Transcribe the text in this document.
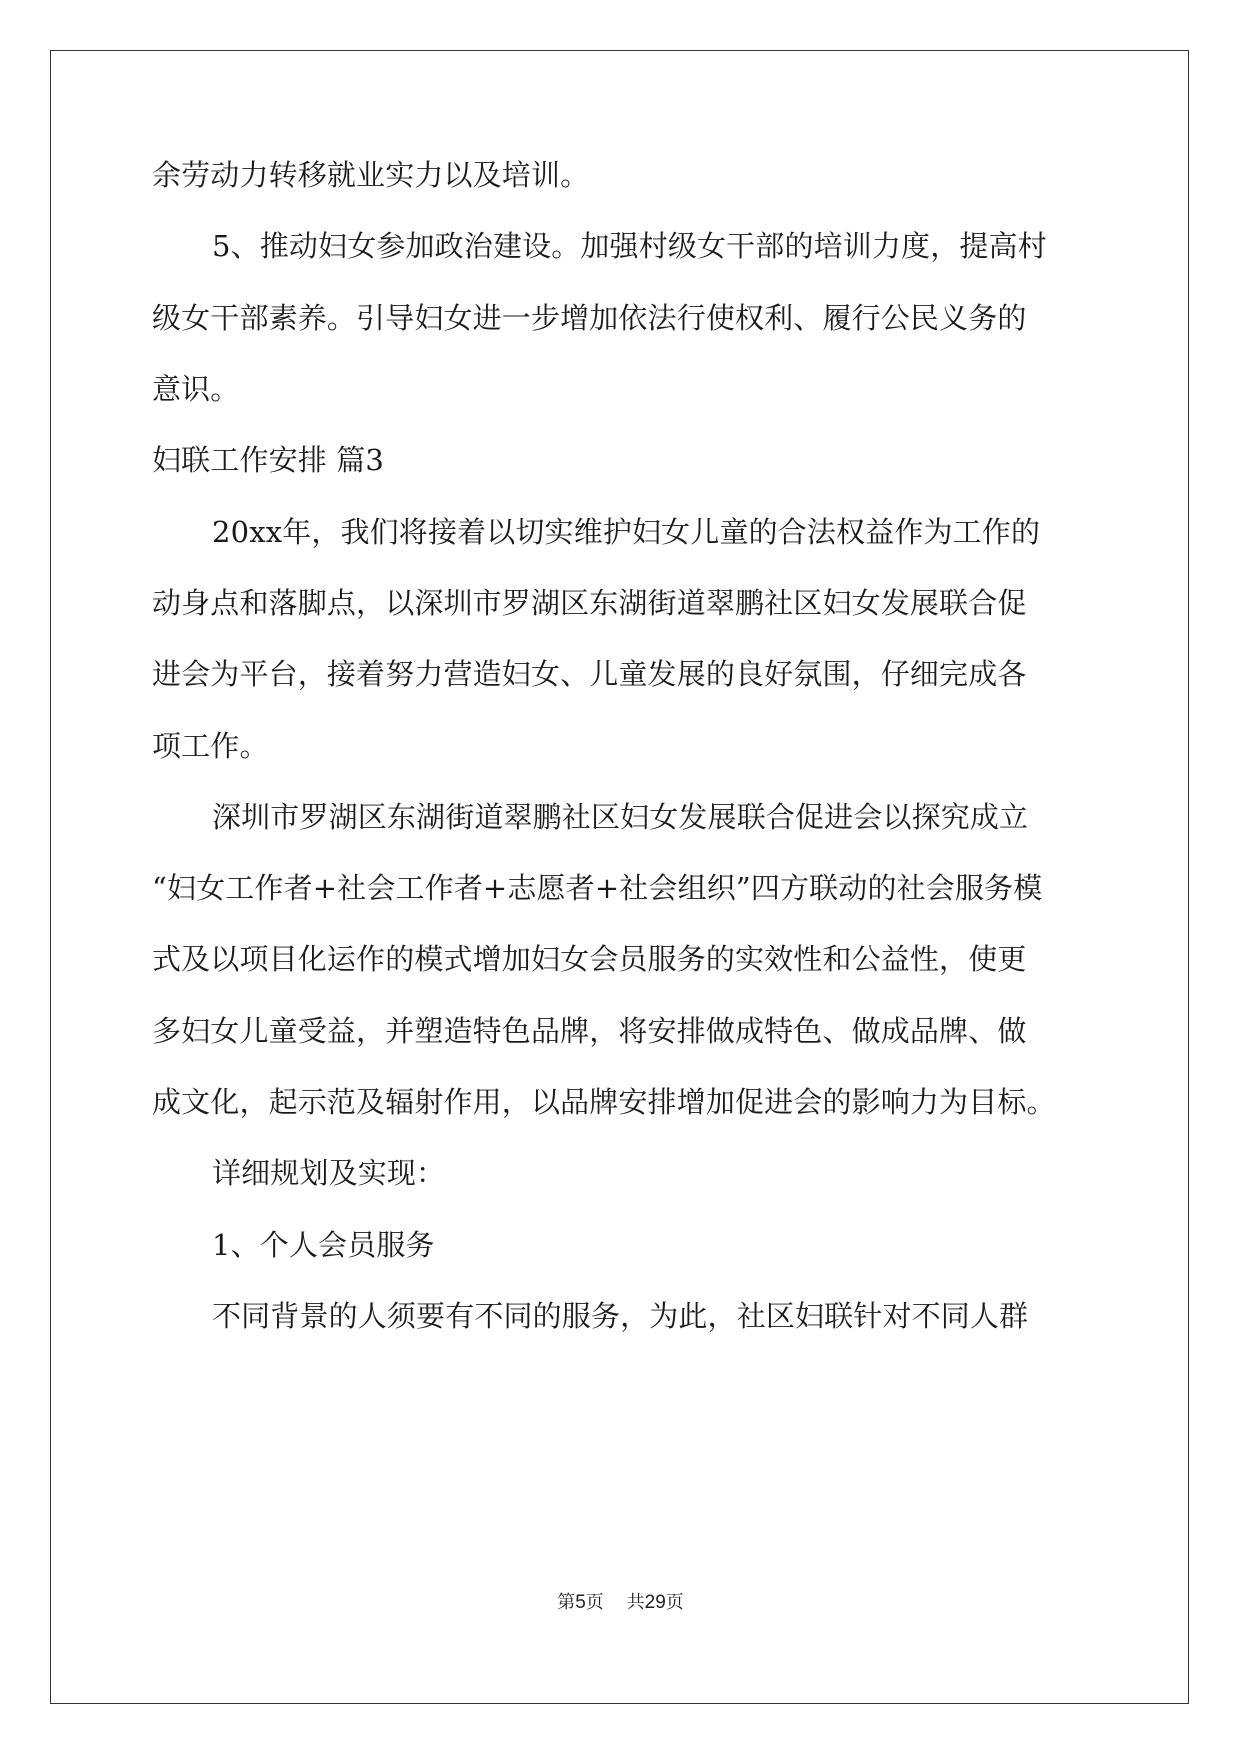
余劳动力转移就业实力以及培训。
5、推动妇女参加政治建设。加强村级女干部的培训力度，提高村
级女干部素养。引导妇女进一步增加依法行使权利、履行公民义务的
意识。
妇联工作安排 篇3
20xx年，我们将接着以切实维护妇女儿童的合法权益作为工作的
动身点和落脚点，以深圳市罗湖区东湖街道翠鹏社区妇女发展联合促
进会为平台，接着努力营造妇女、儿童发展的良好氛围，仔细完成各
项工作。
深圳市罗湖区东湖街道翠鹏社区妇女发展联合促进会以探究成立
“妇女工作者+社会工作者+志愿者+社会组织”四方联动的社会服务模
式及以项目化运作的模式增加妇女会员服务的实效性和公益性，使更
多妇女儿童受益，并塑造特色品牌，将安排做成特色、做成品牌、做
成文化，起示范及辐射作用，以品牌安排增加促进会的影响力为目标。
详细规划及实现：
1、个人会员服务
不同背景的人须要有不同的服务，为此，社区妇联针对不同人群
第5页    共29页
